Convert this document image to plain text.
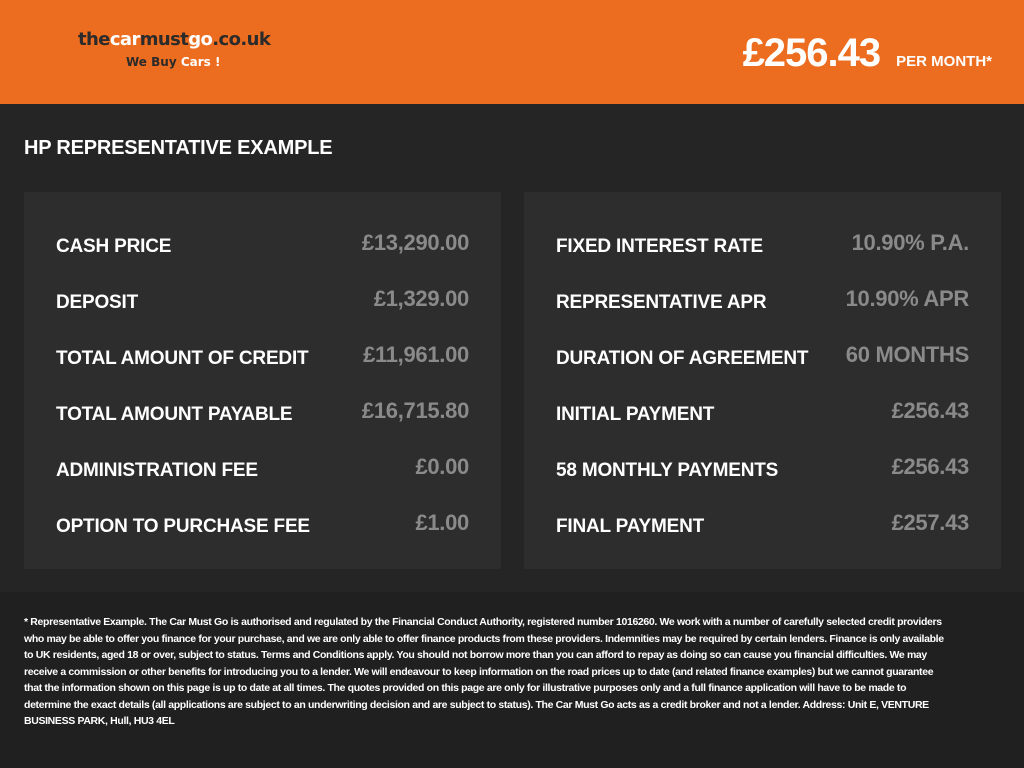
thecarmustgo.co.uk
We Buy Cars !	£256.43 PER MONTH*
HP REPRESENTATIVE EXAMPLE
CASH PRICE	£13,290.00
DEPOSIT	£1,329.00
TOTAL AMOUNT OF CREDIT £11,961.00
TOTAL AMOUNT PAYABLE	£16,715.80
ADMINISTRATION FEE	£0.00
OPTION TO PURCHASE FEE	£1.00
FIXED INTEREST RATE	10.90% P.A.
REPRESENTATIVE APR	10.90% APR
DURATION OF AGREEMENT 60 MONTHS
INITIAL PAYMENT	£256.43
58 MONTHLY PAYMENTS	£256.43
FINAL PAYMENT	£257.43

* Representative Example. The Car Must Go is authorised and regulated by the Financial Conduct Authority, registered number 1016260. We work with a number of carefully selected credit providers who may be able to offer you finance for your purchase, and we are only able to offer finance products from these providers. Indemnities may be required by certain lenders. Finance is only available to UK residents, aged 18 or over, subject to status. Terms and Conditions apply. You should not borrow more than you can afford to repay as doing so can cause you financial difficulties. We may receive a commission or other benefits for introducing you to a lender. We will endeavour to keep information on the road prices up to date (and related finance examples) but we cannot guarantee that the information shown on this page is up to date at all times. The quotes provided on this page are only for illustrative purposes only and a full finance application will have to be made to determine the exact details (all applications are subject to an underwriting decision and are subject to status). The Car Must Go acts as a credit broker and not a lender. Address: Unit E, VENTURE BUSINESS PARK, Hull, HU3 4EL
